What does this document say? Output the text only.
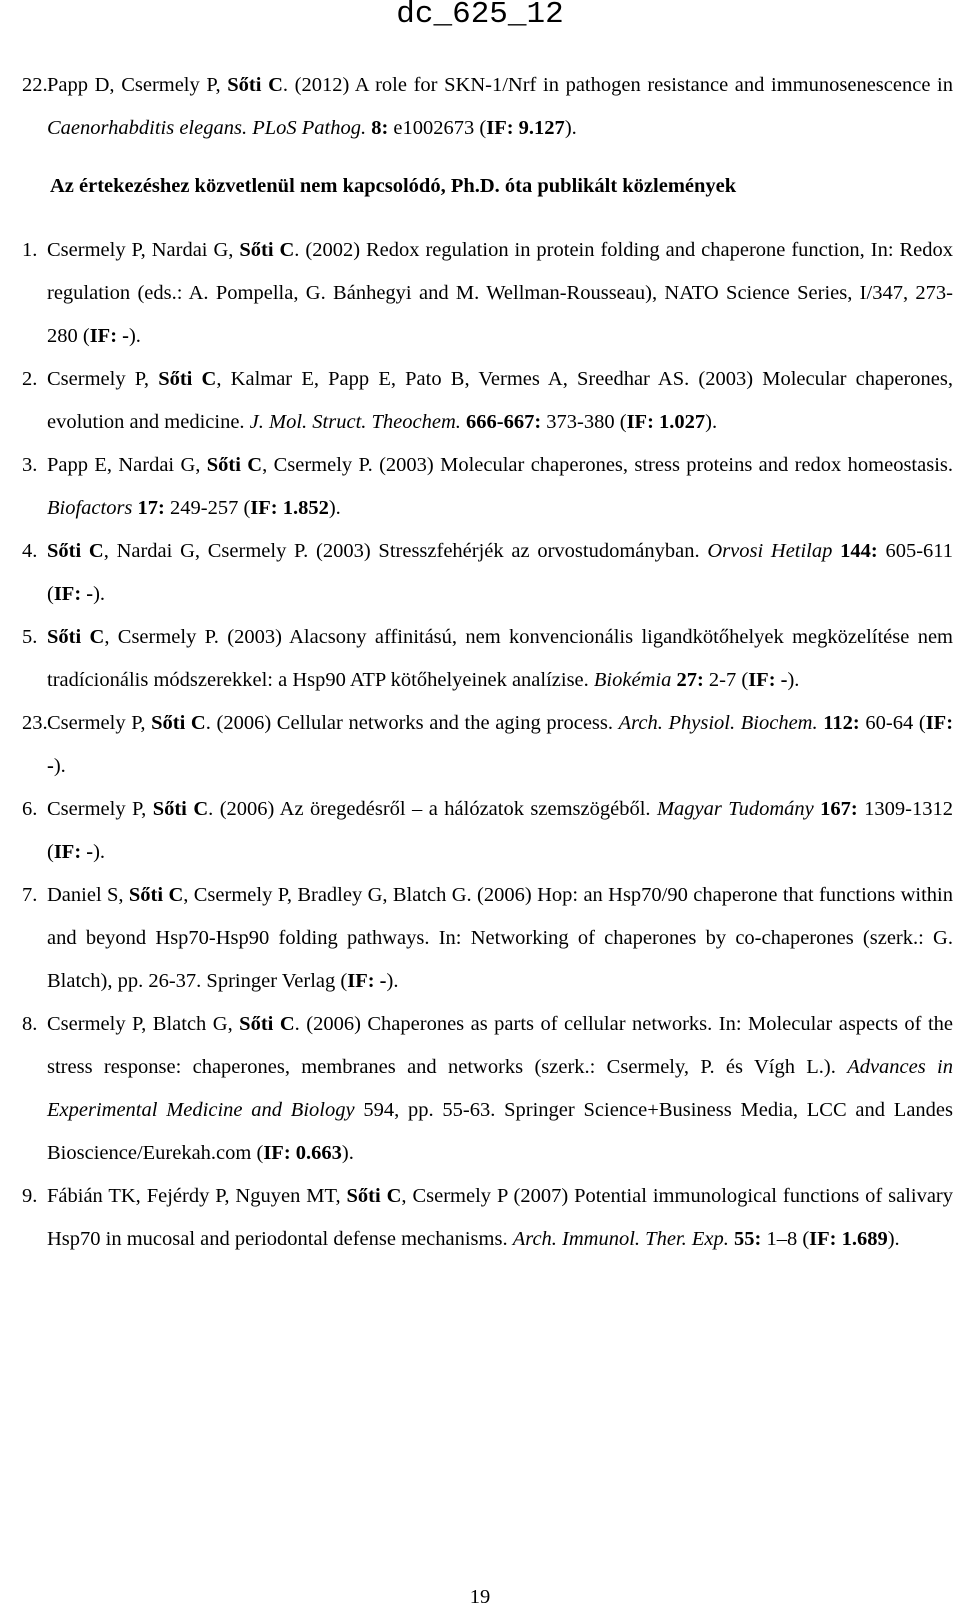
dc_625_12
22. Papp D, Csermely P, Sőti C. (2012) A role for SKN-1/Nrf in pathogen resistance and immunosenescence in Caenorhabditis elegans. PLoS Pathog. 8: e1002673 (IF: 9.127).
Az értekezéshez közvetlenül nem kapcsolódó, Ph.D. óta publikált közlemények
1. Csermely P, Nardai G, Sőti C. (2002) Redox regulation in protein folding and chaperone function, In: Redox regulation (eds.: A. Pompella, G. Bánhegyi and M. Wellman-Rousseau), NATO Science Series, I/347, 273-280 (IF: -).
2. Csermely P, Sőti C, Kalmar E, Papp E, Pato B, Vermes A, Sreedhar AS. (2003) Molecular chaperones, evolution and medicine. J. Mol. Struct. Theochem. 666-667: 373-380 (IF: 1.027).
3. Papp E, Nardai G, Sőti C, Csermely P. (2003) Molecular chaperones, stress proteins and redox homeostasis. Biofactors 17: 249-257 (IF: 1.852).
4. Sőti C, Nardai G, Csermely P. (2003) Stresszfehérjék az orvostudományban. Orvosi Hetilap 144: 605-611 (IF: -).
5. Sőti C, Csermely P. (2003) Alacsony affinitású, nem konvencionális ligandkötőhelyek megközelítése nem tradícionális módszerekkel: a Hsp90 ATP kötőhelyeinek analízise. Biokémia 27: 2-7 (IF: -).
23. Csermely P, Sőti C. (2006) Cellular networks and the aging process. Arch. Physiol. Biochem. 112: 60-64 (IF: -).
6. Csermely P, Sőti C. (2006) Az öregedésről – a hálózatok szemszögéből. Magyar Tudomány 167: 1309-1312 (IF: -).
7. Daniel S, Sőti C, Csermely P, Bradley G, Blatch G. (2006) Hop: an Hsp70/90 chaperone that functions within and beyond Hsp70-Hsp90 folding pathways. In: Networking of chaperones by co-chaperones (szerk.: G. Blatch), pp. 26-37. Springer Verlag (IF: -).
8. Csermely P, Blatch G, Sőti C. (2006) Chaperones as parts of cellular networks. In: Molecular aspects of the stress response: chaperones, membranes and networks (szerk.: Csermely, P. és Vígh L.). Advances in Experimental Medicine and Biology 594, pp. 55-63. Springer Science+Business Media, LCC and Landes Bioscience/Eurekah.com (IF: 0.663).
9. Fábián TK, Fejérdy P, Nguyen MT, Sőti C, Csermely P (2007) Potential immunological functions of salivary Hsp70 in mucosal and periodontal defense mechanisms. Arch. Immunol. Ther. Exp. 55: 1–8 (IF: 1.689).
19
